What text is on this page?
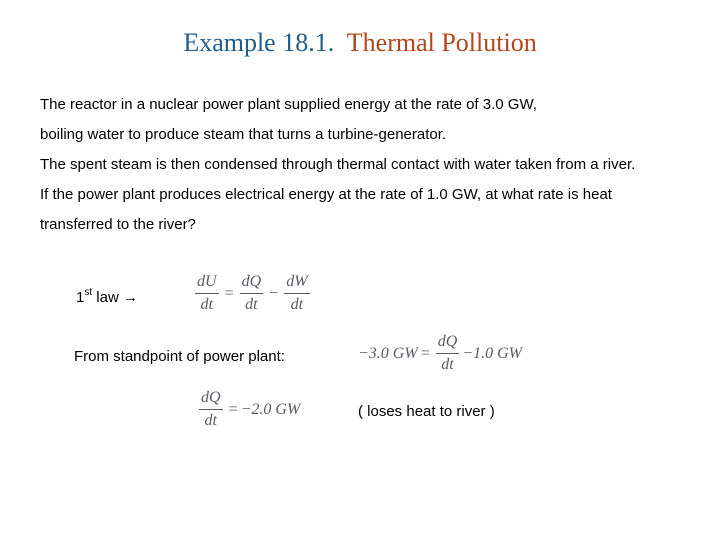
Example 18.1. Thermal Pollution
The reactor in a nuclear power plant supplied energy at the rate of 3.0 GW,
boiling water to produce steam that turns a turbine-generator.
The spent steam is then condensed through thermal contact with water taken from a river.
If the power plant produces electrical energy at the rate of 1.0 GW, at what rate is heat
transferred to the river?
1st law →	$\frac{dU}{dt} = \frac{dQ}{dt} - \frac{dW}{dt}$
From standpoint of power plant:	−3.0 GW = $\frac{dQ}{dt} -1.0$ GW
$\frac{dQ}{dt} = -2.0$ GW	( loses heat to river )
